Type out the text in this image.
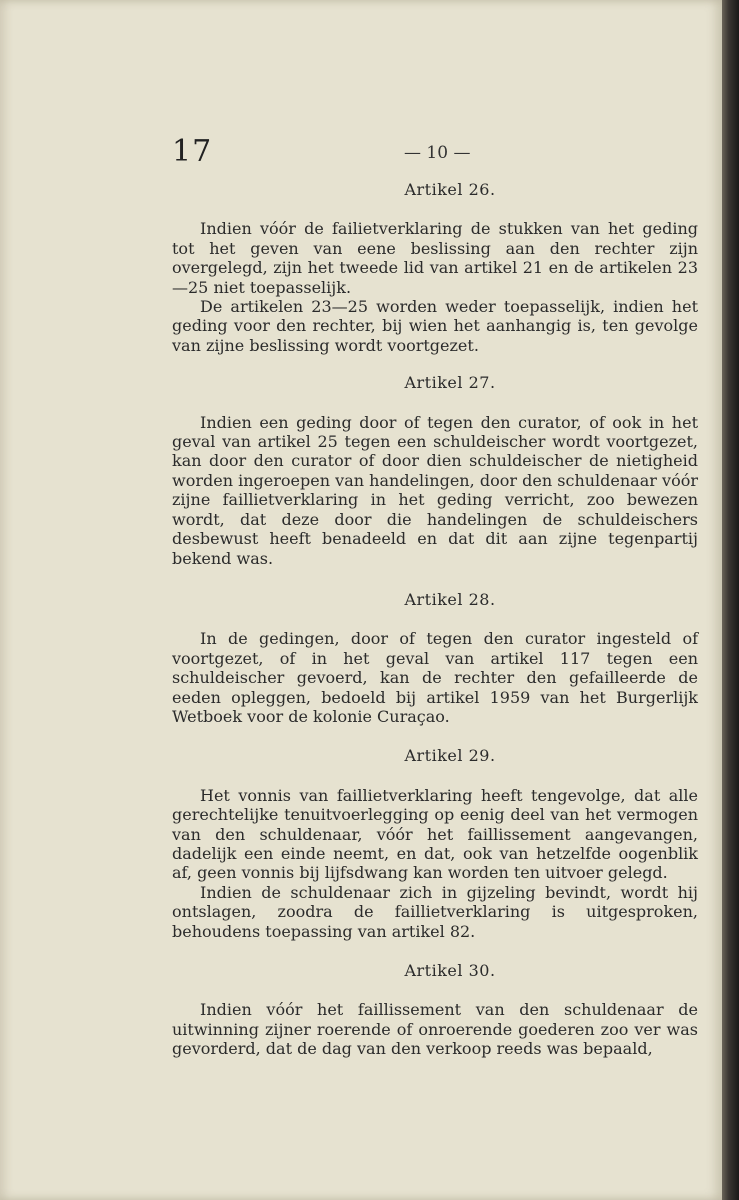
17	— 10 —
Artikel 26.

Indien vóór de failietverklaring de stukken van het geding tot het geven van eene beslissing aan den rechter zijn overgelegd, zijn het tweede lid van artikel 21 en de artikelen 23—25 niet toepasselijk.

De artikelen 23—25 worden weder toepasselijk, indien het geding voor den rechter, bij wien het aanhangig is, ten gevolge van zijne beslissing wordt voortgezet.

Artikel 27.

Indien een geding door of tegen den curator, of ook in het geval van artikel 25 tegen een schuldeischer wordt voortgezet, kan door den curator of door dien schuldeischer de nietigheid worden ingeroepen van handelingen, door den schuldenaar vóór zijne faillietverklaring in het geding verricht, zoo bewezen wordt, dat deze door die handelingen de schuldeischers desbewust heeft benadeeld en dat dit aan zijne tegenpartij bekend was.

Artikel 28.

In de gedingen, door of tegen den curator ingesteld of voortgezet, of in het geval van artikel 117 tegen een schuldeischer gevoerd, kan de rechter den gefailleerde de eeden opleggen, bedoeld bij artikel 1959 van het Burgerlijk Wetboek voor de kolonie Curaçao.

Artikel 29.

Het vonnis van faillietverklaring heeft tengevolge, dat alle gerechtelijke tenuitvoerlegging op eenig deel van het vermogen van den schuldenaar, vóór het faillissement aangevangen, dadelijk een einde neemt, en dat, ook van hetzelfde oogenblik af, geen vonnis bij lijfsdwang kan worden ten uitvoer gelegd.

Indien de schuldenaar zich in gijzeling bevindt, wordt hij ontslagen, zoodra de faillietverklaring is uitgesproken, behoudens toepassing van artikel 82.

Artikel 30.

Indien vóór het faillissement van den schuldenaar de uitwinning zijner roerende of onroerende goederen zoo ver was gevorderd, dat de dag van den verkoop reeds was bepaald,
